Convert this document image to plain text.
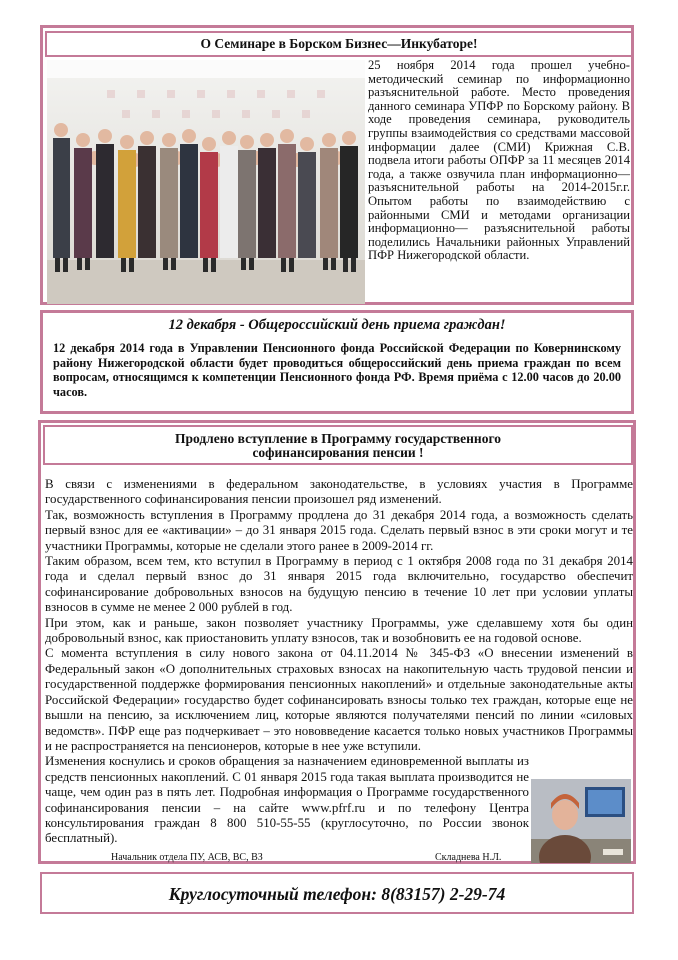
О Семинаре в Борском Бизнес—Инкубаторе!

25 ноября 2014 года прошел учебно-методический семинар по информационно разъяснительной работе. Место проведения данного семинара УПФР по Борскому району. В ходе проведения семинара, руководитель группы взаимодействия со средствами массовой информации далее (СМИ) Крижная С.В. подвела итоги работы ОПФР за 11 месяцев 2014 года, а также озвучила план информационно— разъяснительной работы на 2014-2015г.г. Опытом работы по взаимодействию с районными СМИ и методами организации информационно— разъяснительной работы поделились Начальники районных Управлений ПФР Нижегородской области.

12 декабря - Общероссийский день приема граждан!

12 декабря 2014 года в Управлении Пенсионного фонда Российской Федерации по Ковернинскому району Нижегородской области будет проводиться общероссийский день приема граждан по всем вопросам, относящимся к компетенции Пенсионного фонда РФ. Время приёма с 12.00 часов до 20.00 часов.

Продлено вступление в Программу государственного
софинансирования пенсии !

В связи с изменениями в федеральном законодательстве, в условиях участия в Программе государственного софинансирования пенсии произошел ряд изменений.

Так, возможность вступления в Программу продлена до 31 декабря 2014 года, а возможность сделать первый взнос для ее «активации» – до 31 января 2015 года. Сделать первый взнос в эти сроки могут и те участники Программы, которые не сделали этого ранее в 2009-2014 гг.

Таким образом, всем тем, кто вступил в Программу в период с 1 октября 2008 года по 31 декабря 2014 года и сделал первый взнос до 31 января 2015 года включительно, государство обеспечит софинансирование добровольных взносов на будущую пенсию в течение 10 лет при условии уплаты взносов в сумме не менее 2 000 рублей в год.

При этом, как и раньше, закон позволяет участнику Программы, уже сделавшему хотя бы один добровольный взнос, как приостановить уплату взносов, так и возобновить ее на годовой основе.

С момента вступления в силу нового закона от 04.11.2014 № 345-ФЗ «О внесении изменений в Федеральный закон «О дополнительных страховых взносах на накопительную часть трудовой пенсии и государственной поддержке формирования пенсионных накоплений» и отдельные законодательные акты Российской Федерации» государство будет софинансировать взносы только тех граждан, которые еще не вышли на пенсию, за исключением лиц, которые являются получателями пенсий по линии «силовых ведомств». ПФР еще раз подчеркивает – это нововведение касается только новых участников Программы и не распространяется на пенсионеров, которые в нее уже вступили.

Изменения коснулись и сроков обращения за назначением единовременной выплаты из средств пенсионных накоплений. С 01 января 2015 года такая выплата производится не чаще, чем один раз в пять лет. Подробная информация о Программе государственного софинансирования пенсии – на сайте www.pfrf.ru и по телефону Центра консультирования граждан 8 800 510-55-55 (круглосуточно, по России звонок бесплатный).

Начальник отдела ПУ, АСВ, ВС, ВЗ	Складнева Н.Л.
Круглосуточный телефон: 8(83157) 2-29-74
